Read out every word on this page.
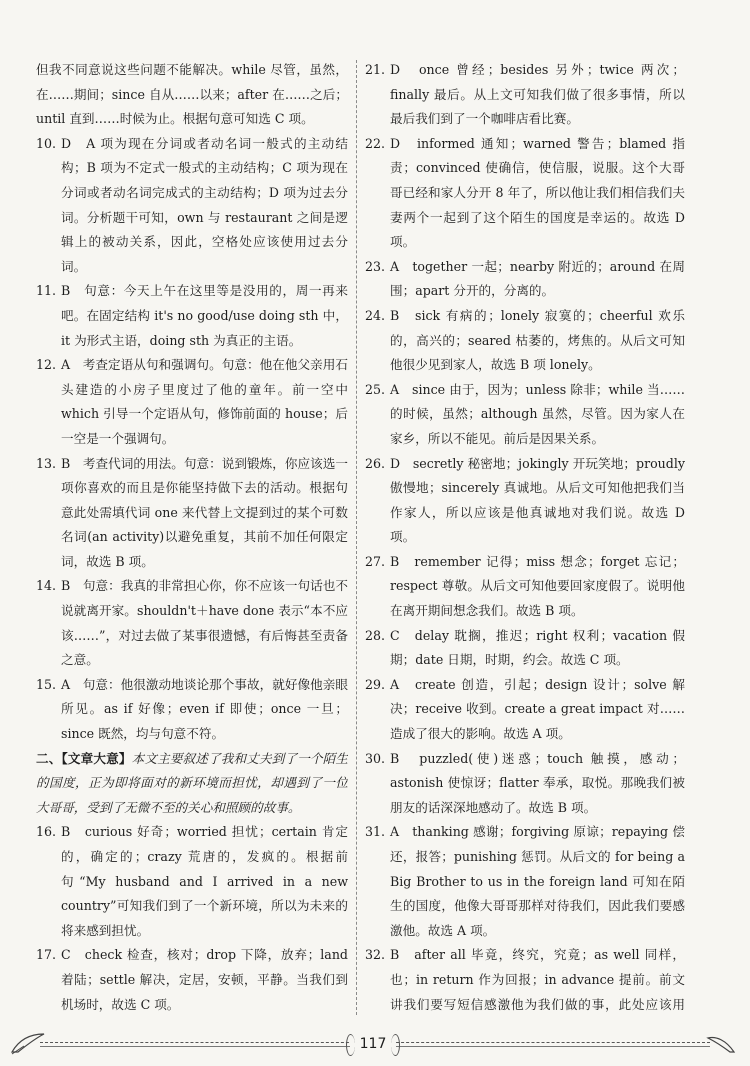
但我不同意说这些问题不能解决。while 尽管，虽然，在……期间；since 自从……以来；after 在……之后；until 直到……时候为止。根据句意可知选 C 项。

10. D　A 项为现在分词或者动名词一般式的主动结构；B 项为不定式一般式的主动结构；C 项为现在分词或者动名词完成式的主动结构；D 项为过去分词。分析题干可知，own 与 restaurant 之间是逻辑上的被动关系，因此，空格处应该使用过去分词。

11. B　句意：今天上午在这里等是没用的，周一再来吧。在固定结构 it's no good/use doing sth 中，it 为形式主语，doing sth 为真正的主语。

12. A　考查定语从句和强调句。句意：他在他父亲用石头建造的小房子里度过了他的童年。前一空中 which 引导一个定语从句，修饰前面的 house；后一空是一个强调句。

13. B　考查代词的用法。句意：说到锻炼，你应该选一项你喜欢的而且是你能坚持做下去的活动。根据句意此处需填代词 one 来代替上文提到过的某个可数名词(an activity)以避免重复，其前不加任何限定词，故选 B 项。

14. B　句意：我真的非常担心你，你不应该一句话也不说就离开家。shouldn't＋have done 表示“本不应该……”，对过去做了某事很遗憾，有后悔甚至责备之意。

15. A　句意：他很激动地谈论那个事故，就好像他亲眼所见。as if 好像；even if 即使；once 一旦；since 既然，均与句意不符。

二、【文章大意】本文主要叙述了我和丈夫到了一个陌生的国度，正为即将面对的新环境而担忧，却遇到了一位大哥哥，受到了无微不至的关心和照顾的故事。

16. B　curious 好奇；worried 担忧；certain 肯定的，确定的；crazy 荒唐的，发疯的。根据前句“My husband and I arrived in a new country”可知我们到了一个新环境，所以为未来的将来感到担忧。

17. C　check 检查，核对；drop 下降，放弃；land 着陆；settle 解决，定居，安顿，平静。当我们到机场时，故选 C 项。

21. D　once 曾经；besides 另外；twice 两次；finally 最后。从上文可知我们做了很多事情，所以最后我们到了一个咖啡店看比赛。

22. D　informed 通知；warned 警告；blamed 指责；convinced 使确信，使信服，说服。这个大哥哥已经和家人分开 8 年了，所以他让我们相信我们夫妻两个一起到了这个陌生的国度是幸运的。故选 D 项。

23. A　together 一起；nearby 附近的；around 在周围；apart 分开的，分离的。

24. B　sick 有病的；lonely 寂寞的；cheerful 欢乐的，高兴的；seared 枯萎的，烤焦的。从后文可知他很少见到家人，故选 B 项 lonely。

25. A　since 由于，因为；unless 除非；while 当……的时候，虽然；although 虽然，尽管。因为家人在家乡，所以不能见。前后是因果关系。

26. D　secretly 秘密地；jokingly 开玩笑地；proudly 傲慢地；sincerely 真诚地。从后文可知他把我们当作家人，所以应该是他真诚地对我们说。故选 D 项。

27. B　remember 记得；miss 想念；forget 忘记；respect 尊敬。从后文可知他要回家度假了。说明他在离开期间想念我们。故选 B 项。

28. C　delay 耽搁，推迟；right 权利；vacation 假期；date 日期，时期，约会。故选 C 项。

29. A　create 创造，引起；design 设计；solve 解决；receive 收到。create a great impact 对……造成了很大的影响。故选 A 项。

30. B　puzzled(使)迷惑；touch 触摸，感动；astonish 使惊讶；flatter 奉承，取悦。那晚我们被朋友的话深深地感动了。故选 B 项。

31. A　thanking 感谢；forgiving 原谅；repaying 偿还，报答；punishing 惩罚。从后文的 for being a Big Brother to us in the foreign land 可知在陌生的国度，他像大哥哥那样对待我们，因此我们要感激他。故选 A 项。

32. B　after all 毕竟，终究，究竟；as well 同样，也；in return 作为回报；in advance 提前。前文讲我们要写短信感激他为我们做的事，此处应该用

117
